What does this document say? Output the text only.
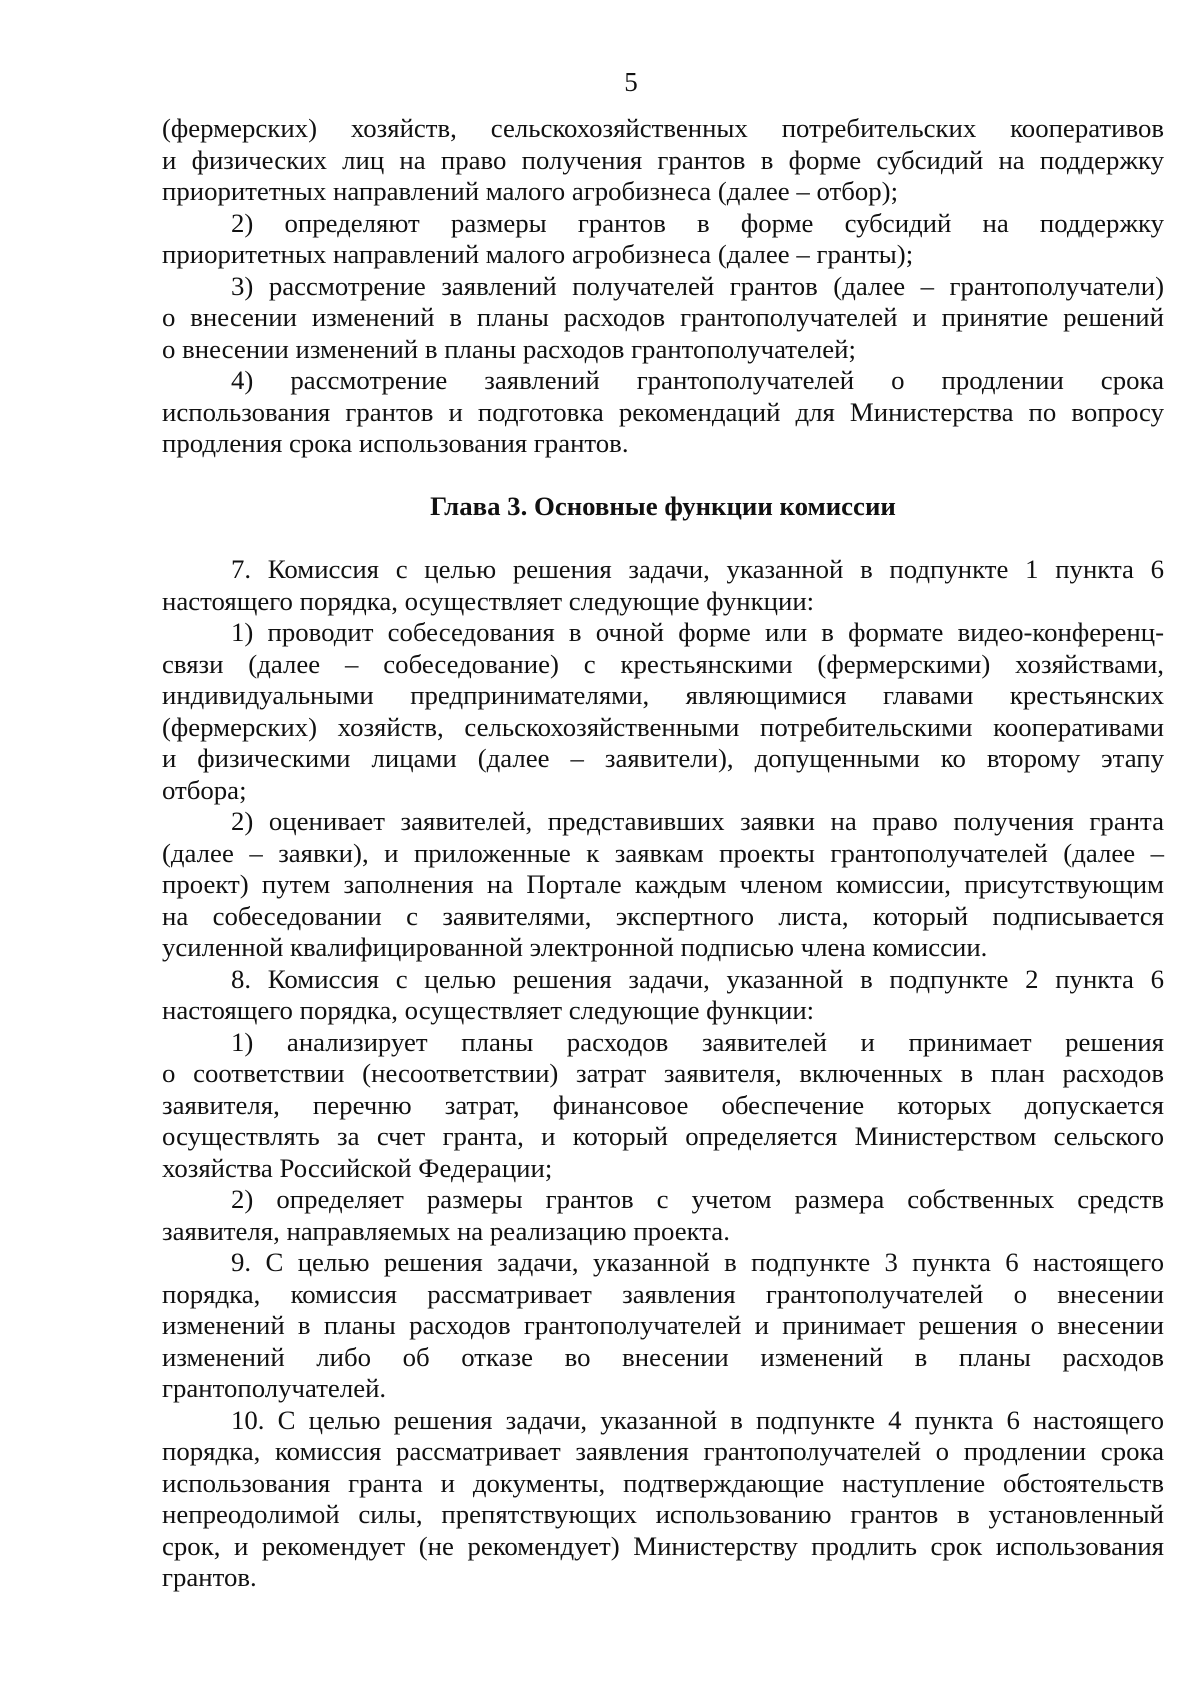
5
(фермерских) хозяйств, сельскохозяйственных потребительских кооперативов
и физических лиц на право получения грантов в форме субсидий на поддержку
приоритетных направлений малого агробизнеса (далее – отбор);
2) определяют размеры грантов в форме субсидий на поддержку
приоритетных направлений малого агробизнеса (далее – гранты);
3) рассмотрение заявлений получателей грантов (далее – грантополучатели)
о внесении изменений в планы расходов грантополучателей и принятие решений
о внесении изменений в планы расходов грантополучателей;
4) рассмотрение заявлений грантополучателей о продлении срока
использования грантов и подготовка рекомендаций для Министерства по вопросу
продления срока использования грантов.
Глава 3. Основные функции комиссии
7. Комиссия с целью решения задачи, указанной в подпункте 1 пункта 6
настоящего порядка, осуществляет следующие функции:
1) проводит собеседования в очной форме или в формате видео-конференц-
связи (далее – собеседование) с крестьянскими (фермерскими) хозяйствами,
индивидуальными предпринимателями, являющимися главами крестьянских
(фермерских) хозяйств, сельскохозяйственными потребительскими кооперативами
и физическими лицами (далее – заявители), допущенными ко второму этапу
отбора;
2) оценивает заявителей, представивших заявки на право получения гранта
(далее – заявки), и приложенные к заявкам проекты грантополучателей (далее –
проект) путем заполнения на Портале каждым членом комиссии, присутствующим
на собеседовании с заявителями, экспертного листа, который подписывается
усиленной квалифицированной электронной подписью члена комиссии.
8. Комиссия с целью решения задачи, указанной в подпункте 2 пункта 6
настоящего порядка, осуществляет следующие функции:
1) анализирует планы расходов заявителей и принимает решения
о соответствии (несоответствии) затрат заявителя, включенных в план расходов
заявителя, перечню затрат, финансовое обеспечение которых допускается
осуществлять за счет гранта, и который определяется Министерством сельского
хозяйства Российской Федерации;
2) определяет размеры грантов с учетом размера собственных средств
заявителя, направляемых на реализацию проекта.
9. С целью решения задачи, указанной в подпункте 3 пункта 6 настоящего
порядка, комиссия рассматривает заявления грантополучателей о внесении
изменений в планы расходов грантополучателей и принимает решения о внесении
изменений либо об отказе во внесении изменений в планы расходов
грантополучателей.
10. С целью решения задачи, указанной в подпункте 4 пункта 6 настоящего
порядка, комиссия рассматривает заявления грантополучателей о продлении срока
использования гранта и документы, подтверждающие наступление обстоятельств
непреодолимой силы, препятствующих использованию грантов в установленный
срок, и рекомендует (не рекомендует) Министерству продлить срок использования
грантов.
